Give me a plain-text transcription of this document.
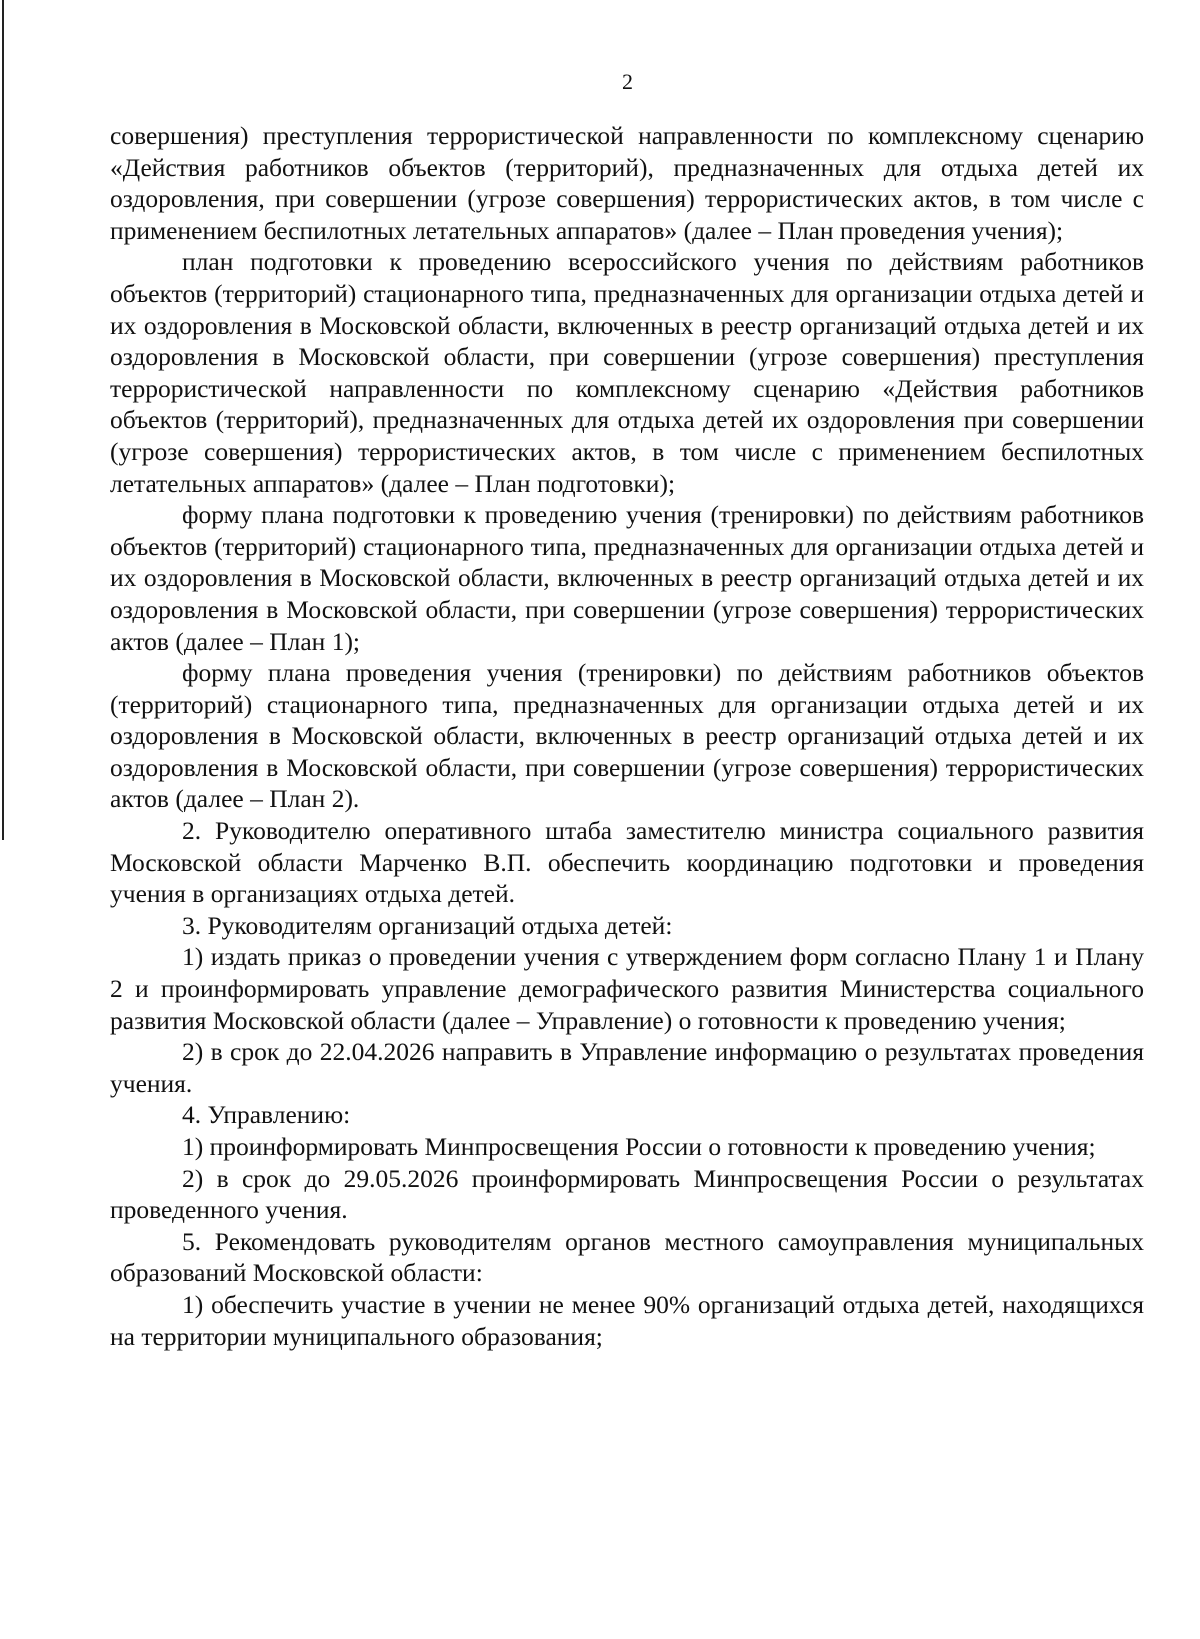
2

совершения) преступления террористической направленности по комплексному сценарию «Действия работников объектов (территорий), предназначенных для отдыха детей их оздоровления, при совершении (угрозе совершения) террористических актов, в том числе с применением беспилотных летательных аппаратов» (далее – План проведения учения);

план подготовки к проведению всероссийского учения по действиям работников объектов (территорий) стационарного типа, предназначенных для организации отдыха детей и их оздоровления в Московской области, включенных в реестр организаций отдыха детей и их оздоровления в Московской области, при совершении (угрозе совершения) преступления террористической направленности по комплексному сценарию «Действия работников объектов (территорий), предназначенных для отдыха детей их оздоровления при совершении (угрозе совершения) террористических актов, в том числе с применением беспилотных летательных аппаратов» (далее – План подготовки);

форму плана подготовки к проведению учения (тренировки) по действиям работников объектов (территорий) стационарного типа, предназначенных для организации отдыха детей и их оздоровления в Московской области, включенных в реестр организаций отдыха детей и их оздоровления в Московской области, при совершении (угрозе совершения) террористических актов (далее – План 1);

форму плана проведения учения (тренировки) по действиям работников объектов (территорий) стационарного типа, предназначенных для организации отдыха детей и их оздоровления в Московской области, включенных в реестр организаций отдыха детей и их оздоровления в Московской области, при совершении (угрозе совершения) террористических актов (далее – План 2).

2. Руководителю оперативного штаба заместителю министра социального развития Московской области Марченко В.П. обеспечить координацию подготовки и проведения учения в организациях отдыха детей.

3. Руководителям организаций отдыха детей:

1) издать приказ о проведении учения с утверждением форм согласно Плану 1 и Плану 2 и проинформировать управление демографического развития Министерства социального развития Московской области (далее – Управление) о готовности к проведению учения;

2) в срок до 22.04.2026 направить в Управление информацию о результатах проведения учения.

4. Управлению:

1) проинформировать Минпросвещения России о готовности к проведению учения;

2) в срок до 29.05.2026 проинформировать Минпросвещения России о результатах проведенного учения.

5. Рекомендовать руководителям органов местного самоуправления муниципальных образований Московской области:

1) обеспечить участие в учении не менее 90% организаций отдыха детей, находящихся на территории муниципального образования;
